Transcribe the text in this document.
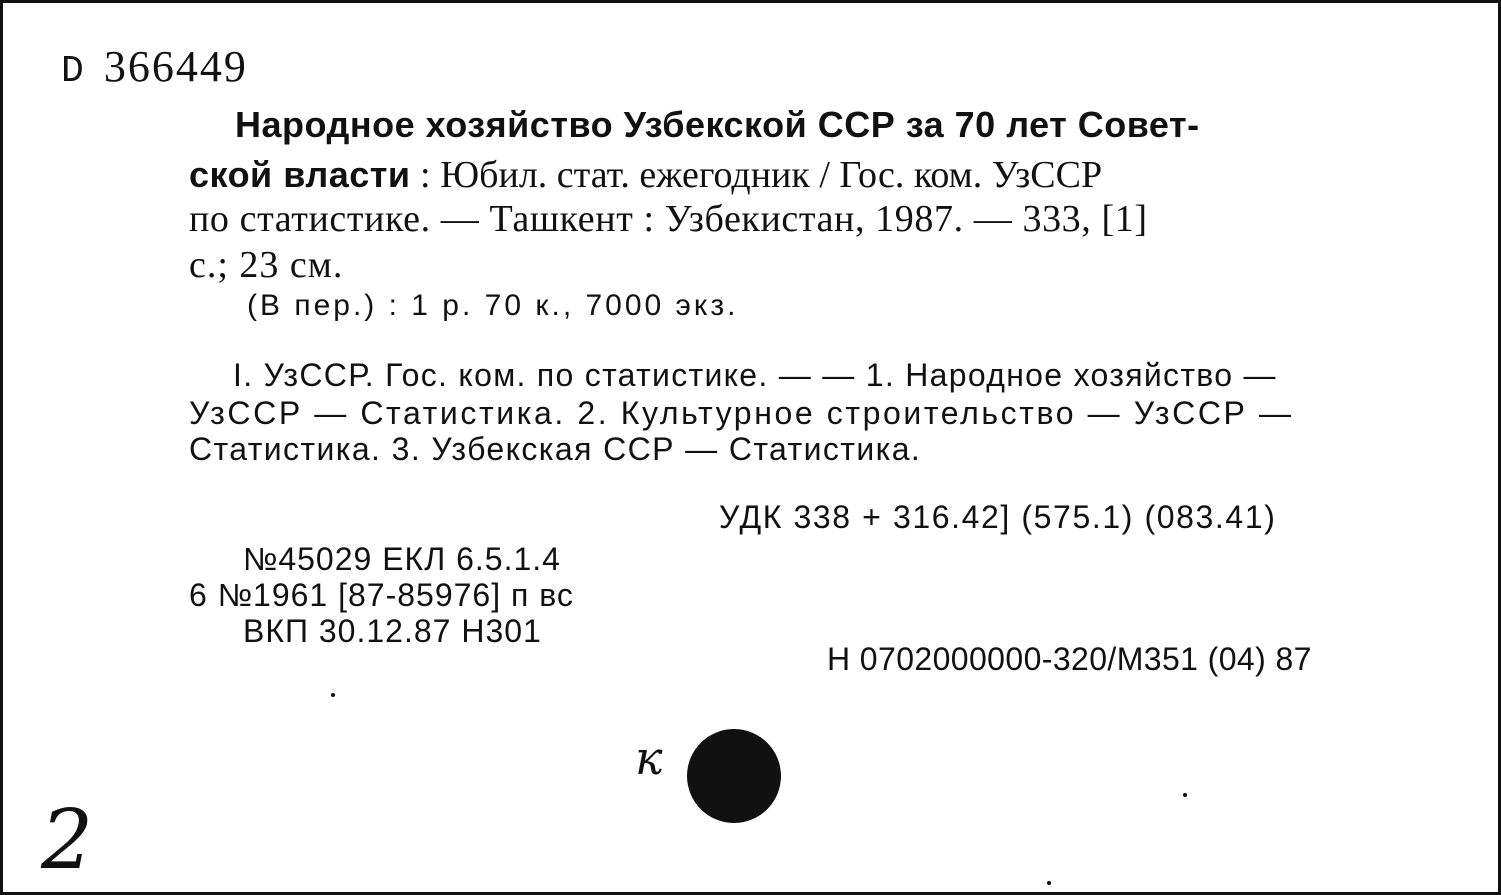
D 366449
Народное хозяйство Узбекской ССР за 70 лет Совет-
ской власти : Юбил. стат. ежегодник / Гос. ком. УзССР
по статистике. — Ташкент : Узбекистан, 1987. — 333, [1]
с.; 23 см.
(В пер.) : 1 р. 70 к., 7000 экз.
I. УзССР. Гос. ком. по статистике. — — 1. Народное хозяйство —
УзССР — Статистика. 2. Культурное строительство — УзССР —
Статистика. 3. Узбекская ССР — Статистика.
УДК 338 + 316.42] (575.1) (083.41)
№45029 ЕКЛ 6.5.1.4
6 №1961 [87-85976] п вс
ВКП 30.12.87 Н301
Н 0702000000-320/М351 (04) 87
к
2
